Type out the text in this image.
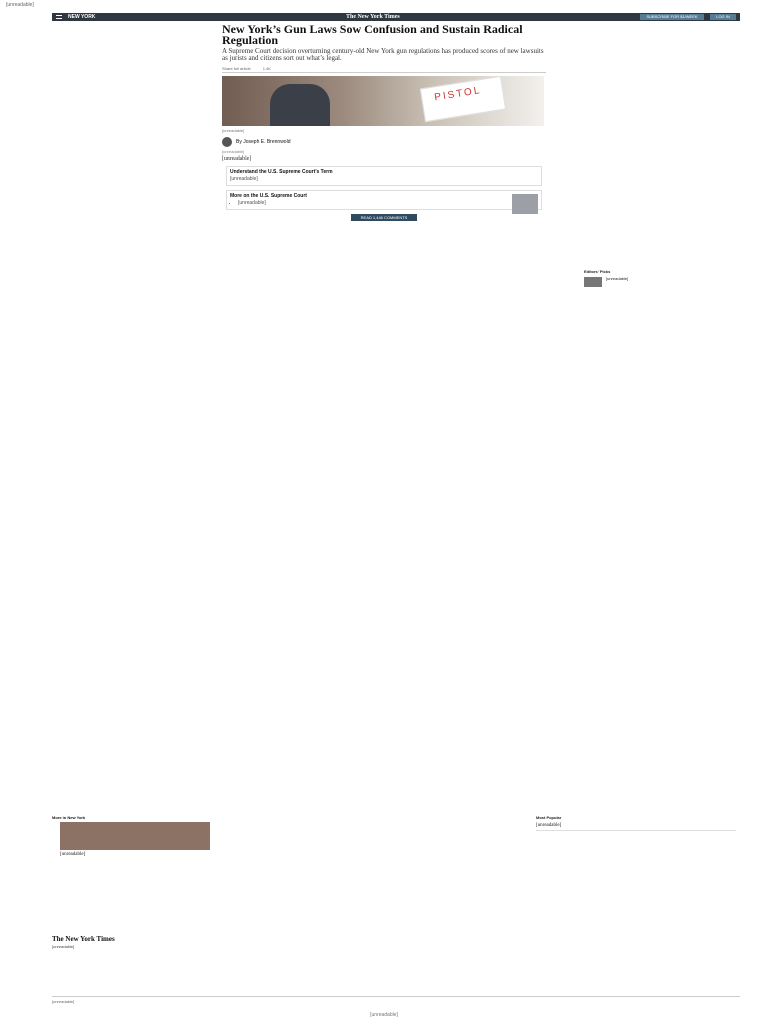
[unreadable]
NEW YORK	The New York Times	SUBSCRIBE FOR $1/WEEK	LOG IN
New York’s Gun Laws Sow Confusion and Sustain Radical Regulation

A Supreme Court decision overturning century-old New York gun regulations has produced scores of new lawsuits as jurists and citizens sort out what’s legal.

Share full article	1.4K
PISTOL

[unreadable]

By Joseph E. Brennwold

[unreadable]

[unreadable]

Understand the U.S. Supreme Court’s Term
[unreadable]
More on the U.S. Supreme Court
• [unreadable]
READ 1,446 COMMENTS
Editors' Picks
[unreadable]
More in New York
[unreadable]
Most Popular

[unreadable]

The New York Times
[unreadable]
[unreadable]
[unreadable]
